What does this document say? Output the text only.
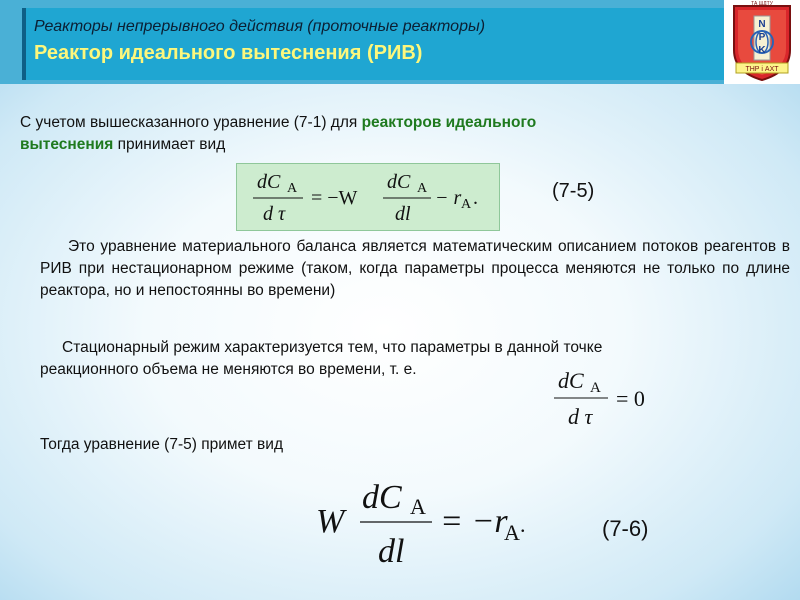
Реакторы непрерывного действия (проточные реакторы)
Реактор идеального вытеснения (РИВ)
N
P
K
ТА ШДТУ
ТНР і АХТ
С учетом вышесказанного уравнение (7-1) для реакторов идеального
вытеснения принимает вид
dC A
d τ
= −W
dC A
dl
− r A .	(7-5)
Это уравнение материального баланса является математическим описанием потоков реагентов в РИВ при нестационарном режиме (таком, когда параметры процесса меняются не только по длине реактора, но и непостоянны во времени)
Стационарный режим характеризуется тем, что параметры в данной точке
реакционного объема не меняются во времени, т. е.	dC A
d τ
= 0
Тогда уравнение (7-5) примет вид
W
dC A
dl
= −r
A .	(7-6)
